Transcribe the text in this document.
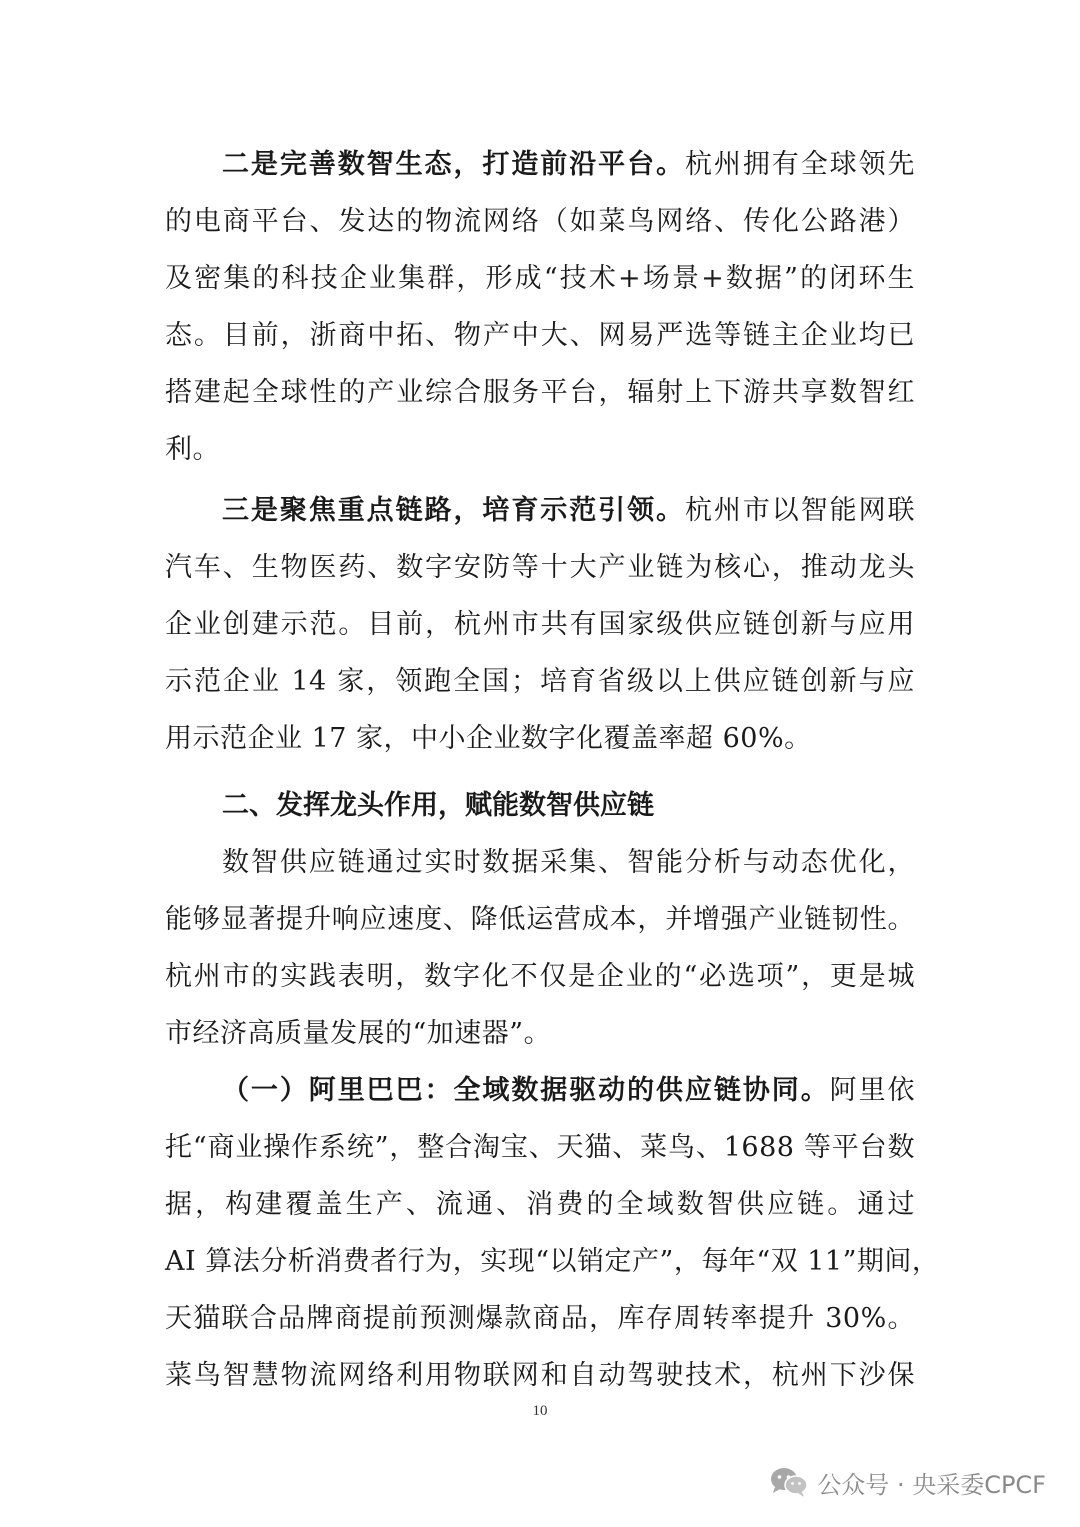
二是完善数智生态，打造前沿平台。杭州拥有全球领先
的电商平台、发达的物流网络（如菜鸟网络、传化公路港）
及密集的科技企业集群，形成“技术+场景+数据”的闭环生
态。目前，浙商中拓、物产中大、网易严选等链主企业均已
搭建起全球性的产业综合服务平台，辐射上下游共享数智红
利。
三是聚焦重点链路，培育示范引领。杭州市以智能网联
汽车、生物医药、数字安防等十大产业链为核心，推动龙头
企业创建示范。目前，杭州市共有国家级供应链创新与应用
示范企业 14 家，领跑全国；培育省级以上供应链创新与应
用示范企业 17 家，中小企业数字化覆盖率超 60%。
二、发挥龙头作用，赋能数智供应链
数智供应链通过实时数据采集、智能分析与动态优化，
能够显著提升响应速度、降低运营成本，并增强产业链韧性。
杭州市的实践表明，数字化不仅是企业的“必选项”，更是城
市经济高质量发展的“加速器”。
（一）阿里巴巴：全域数据驱动的供应链协同。阿里依
托“商业操作系统”，整合淘宝、天猫、菜鸟、1688 等平台数
据，构建覆盖生产、流通、消费的全域数智供应链。通过
AI 算法分析消费者行为，实现“以销定产”，每年“双 11”期间，
天猫联合品牌商提前预测爆款商品，库存周转率提升 30%。
菜鸟智慧物流网络利用物联网和自动驾驶技术，杭州下沙保
10
公众号 · 央采委CPCF
